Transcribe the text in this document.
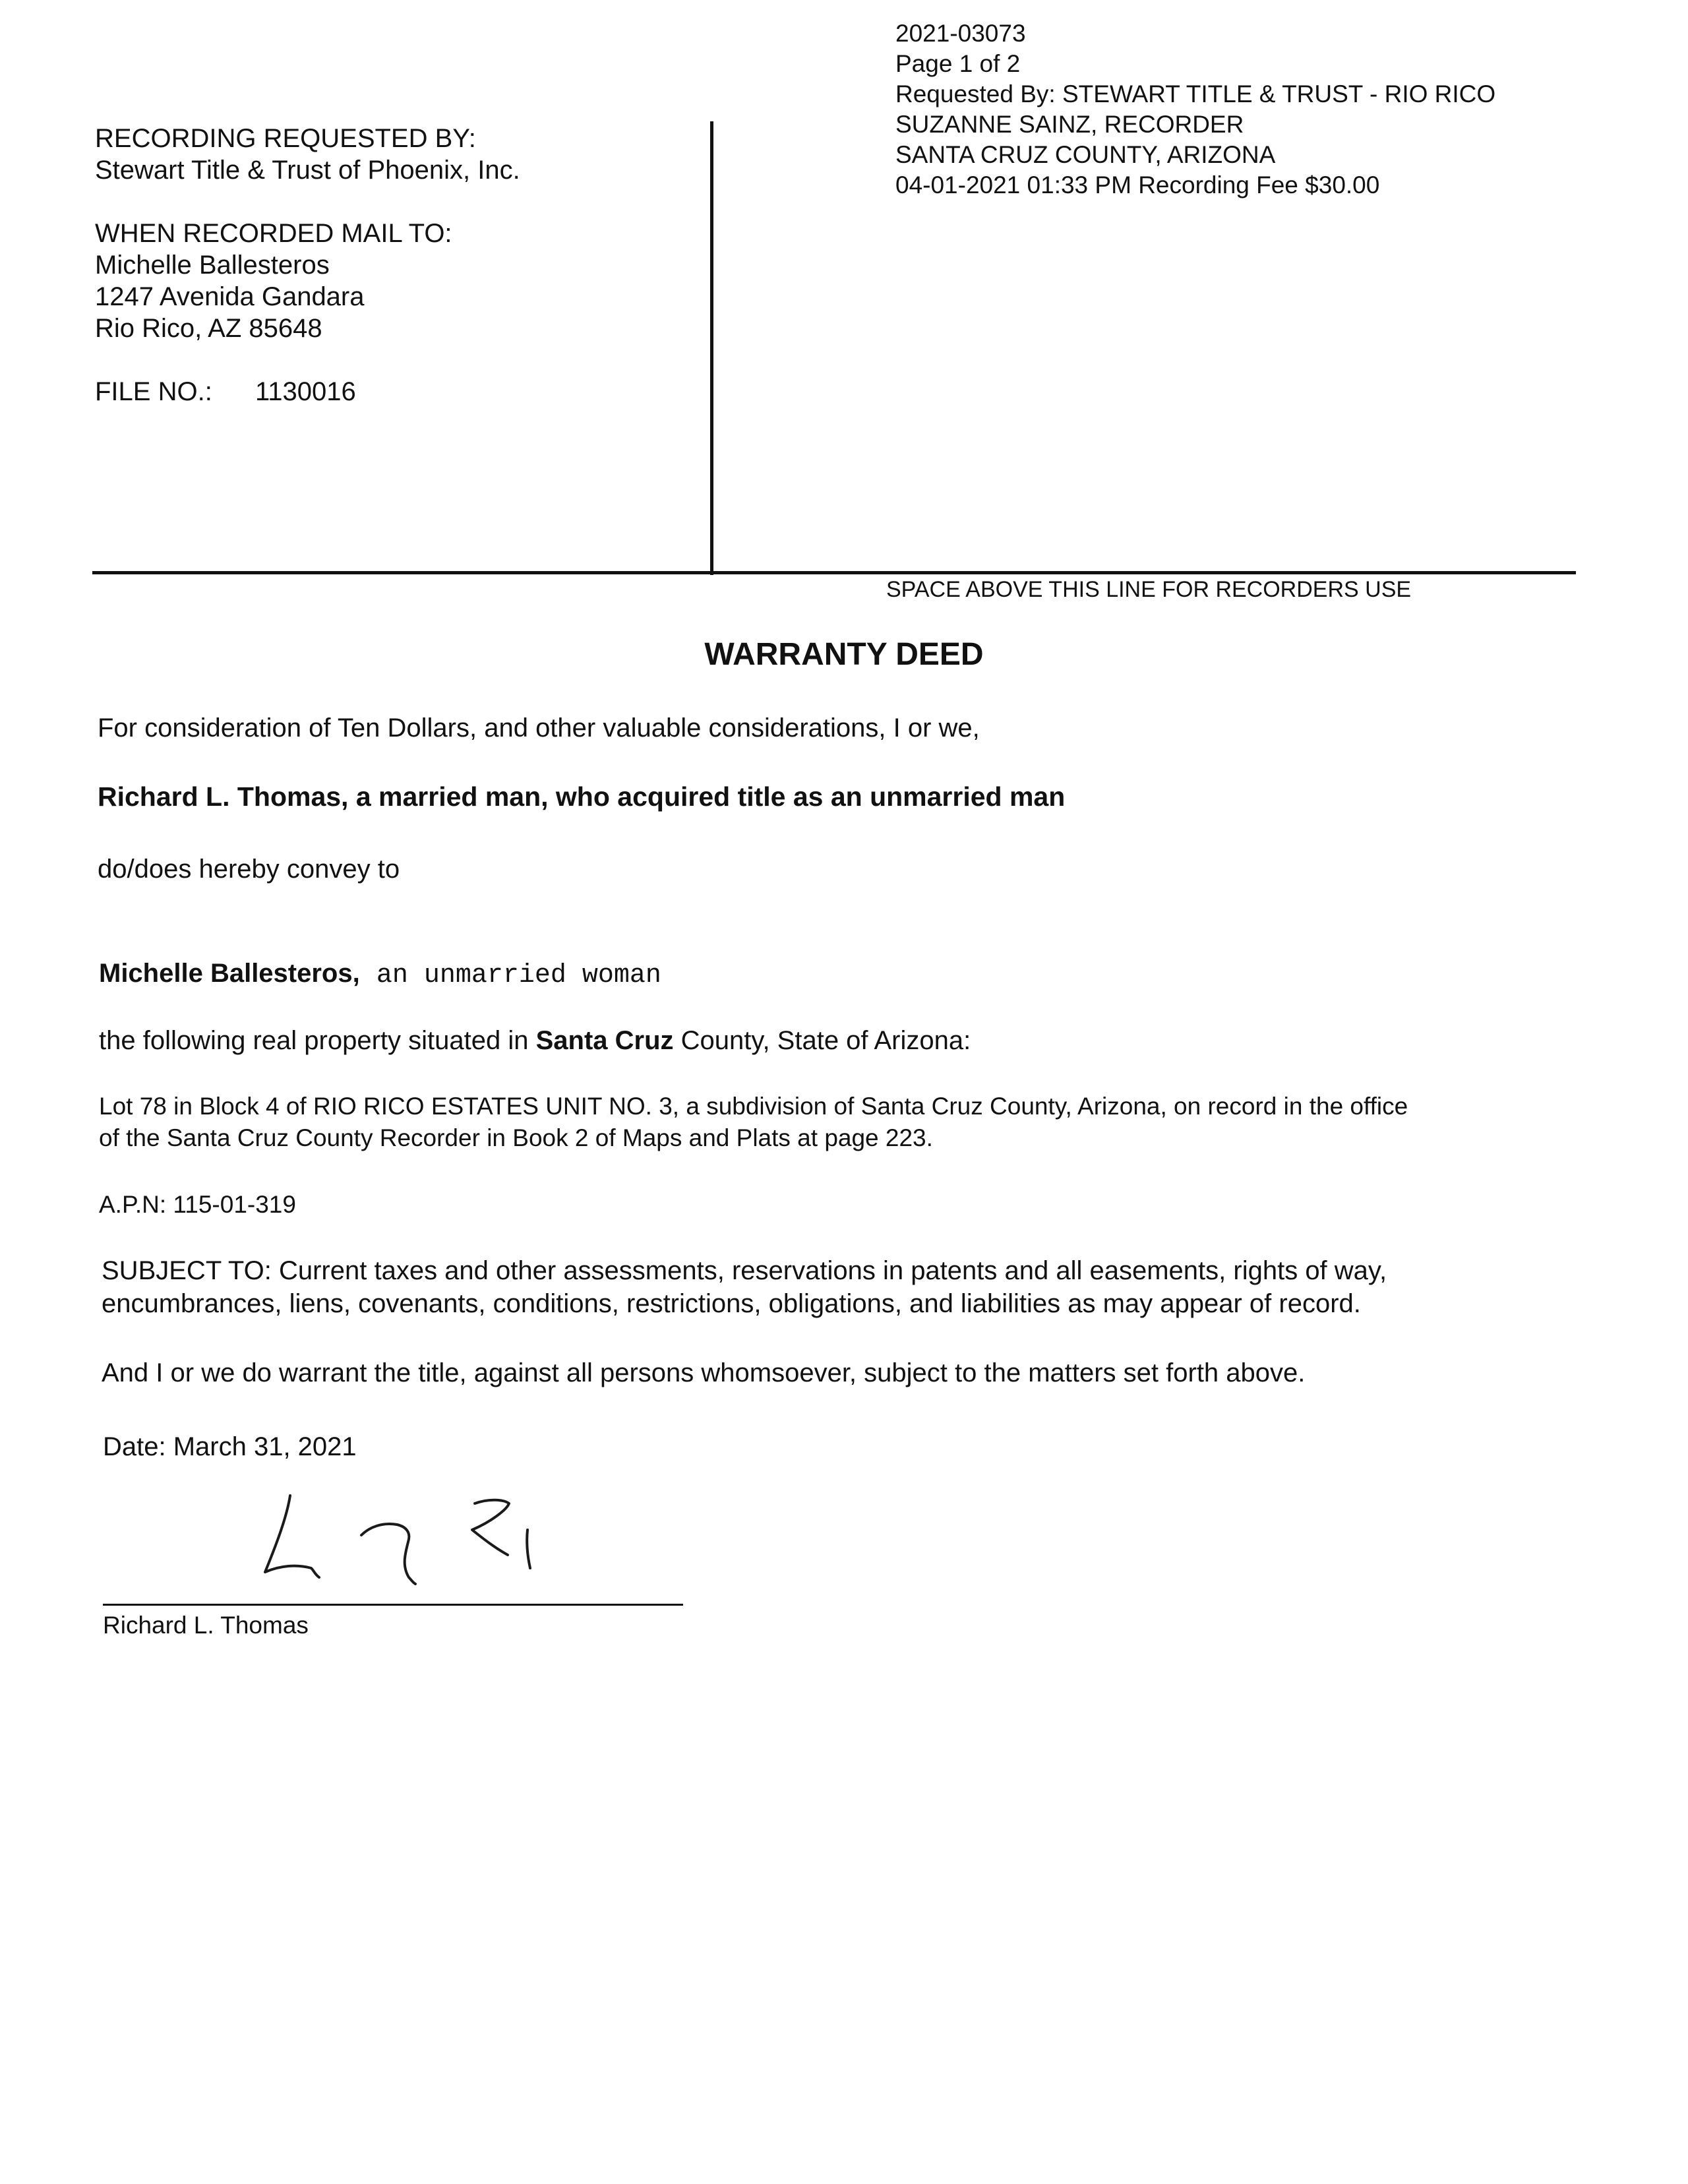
2021-03073
Page 1 of 2
Requested By: STEWART TITLE & TRUST - RIO RICO
SUZANNE SAINZ, RECORDER
SANTA CRUZ COUNTY, ARIZONA
04-01-2021 01:33 PM Recording Fee $30.00
RECORDING REQUESTED BY:
Stewart Title & Trust of Phoenix, Inc.
WHEN RECORDED MAIL TO:
Michelle Ballesteros
1247 Avenida Gandara
Rio Rico, AZ 85648
FILE NO.: 1130016
SPACE ABOVE THIS LINE FOR RECORDERS USE
WARRANTY DEED
For consideration of Ten Dollars, and other valuable considerations, I or we,
Richard L. Thomas, a married man, who acquired title as an unmarried man
do/does hereby convey to
Michelle Ballesteros, an unmarried woman
the following real property situated in Santa Cruz County, State of Arizona:
Lot 78 in Block 4 of RIO RICO ESTATES UNIT NO. 3, a subdivision of Santa Cruz County, Arizona, on record in the office
of the Santa Cruz County Recorder in Book 2 of Maps and Plats at page 223.
A.P.N: 115-01-319
SUBJECT TO: Current taxes and other assessments, reservations in patents and all easements, rights of way,
encumbrances, liens, covenants, conditions, restrictions, obligations, and liabilities as may appear of record.
And I or we do warrant the title, against all persons whomsoever, subject to the matters set forth above.
Date: March 31, 2021
Richard L. Thomas
